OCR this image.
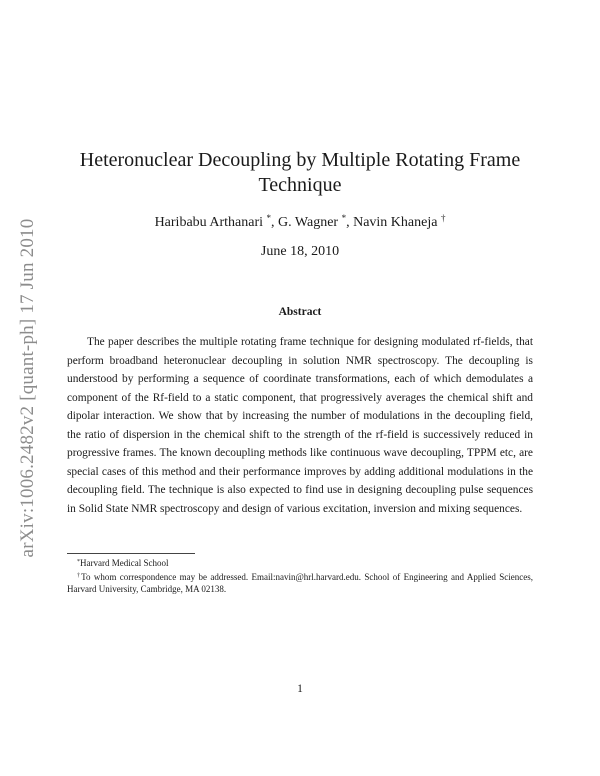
arXiv:1006.2482v2 [quant-ph] 17 Jun 2010
Heteronuclear Decoupling by Multiple Rotating Frame
Technique
Haribabu Arthanari *, G. Wagner *, Navin Khaneja †
June 18, 2010
Abstract

The paper describes the multiple rotating frame technique for designing modulated rf-fields, that perform broadband heteronuclear decoupling in solution NMR spectroscopy. The decoupling is understood by performing a sequence of coordinate transformations, each of which demodulates a component of the Rf-field to a static component, that progressively averages the chemical shift and dipolar interaction. We show that by increasing the number of modulations in the decoupling field, the ratio of dispersion in the chemical shift to the strength of the rf-field is successively reduced in progressive frames. The known decoupling methods like continuous wave decoupling, TPPM etc, are special cases of this method and their performance improves by adding additional modulations in the decoupling field. The technique is also expected to find use in designing decoupling pulse sequences in Solid State NMR spectroscopy and design of various excitation, inversion and mixing sequences.

*Harvard Medical School

†To whom correspondence may be addressed. Email:navin@hrl.harvard.edu. School of Engineering and Applied Sciences, Harvard University, Cambridge, MA 02138.

1
